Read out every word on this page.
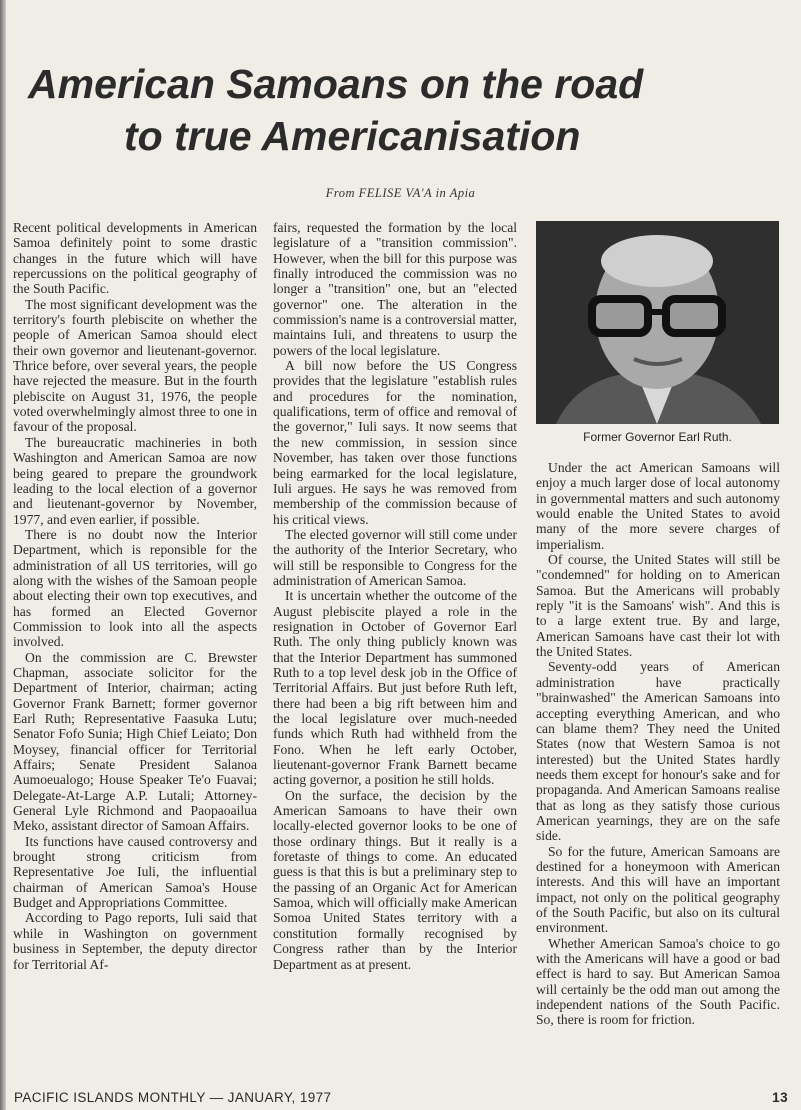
American Samoans on the road
to true Americanisation
From FELISE VA'A in Apia

Recent political developments in American Samoa definitely point to some drastic changes in the future which will have repercussions on the political geography of the South Pacific.

The most significant development was the territory's fourth plebiscite on whether the people of American Samoa should elect their own governor and lieutenant-governor. Thrice before, over several years, the people have rejected the measure. But in the fourth plebiscite on August 31, 1976, the people voted overwhelmingly almost three to one in favour of the proposal.

The bureaucratic machineries in both Washington and American Samoa are now being geared to prepare the groundwork leading to the local election of a governor and lieutenant-governor by November, 1977, and even earlier, if possible.

There is no doubt now the Interior Department, which is reponsible for the administration of all US territories, will go along with the wishes of the Samoan people about electing their own top executives, and has formed an Elected Governor Commission to look into all the aspects involved.

On the commission are C. Brewster Chapman, associate solicitor for the Department of Interior, chairman; acting Governor Frank Barnett; former governor Earl Ruth; Representative Faasuka Lutu; Senator Fofo Sunia; High Chief Leiato; Don Moysey, financial officer for Territorial Affairs; Senate President Salanoa Aumoeualogo; House Speaker Te'o Fuavai; Delegate-At-Large A.P. Lutali; Attorney-General Lyle Richmond and Paopaoailua Meko, assistant director of Samoan Affairs.

Its functions have caused controversy and brought strong criticism from Representative Joe Iuli, the influential chairman of American Samoa's House Budget and Appropriations Committee.

According to Pago reports, Iuli said that while in Washington on government business in September, the deputy director for Territorial Af-

fairs, requested the formation by the local legislature of a "transition commission". However, when the bill for this purpose was finally introduced the commission was no longer a "transition" one, but an "elected governor" one. The alteration in the commission's name is a controversial matter, maintains Iuli, and threatens to usurp the powers of the local legislature.

A bill now before the US Congress provides that the legislature "establish rules and procedures for the nomination, qualifications, term of office and removal of the governor," Iuli says. It now seems that the new commission, in session since November, has taken over those functions being earmarked for the local legislature, Iuli argues. He says he was removed from membership of the commission because of his critical views.

The elected governor will still come under the authority of the Interior Secretary, who will still be responsible to Congress for the administration of American Samoa.

It is uncertain whether the outcome of the August plebiscite played a role in the resignation in October of Governor Earl Ruth. The only thing publicly known was that the Interior Department has summoned Ruth to a top level desk job in the Office of Territorial Affairs. But just before Ruth left, there had been a big rift between him and the local legislature over much-needed funds which Ruth had withheld from the Fono. When he left early October, lieutenant-governor Frank Barnett became acting governor, a position he still holds.

On the surface, the decision by the American Samoans to have their own locally-elected governor looks to be one of those ordinary things. But it really is a foretaste of things to come. An educated guess is that this is but a preliminary step to the passing of an Organic Act for American Samoa, which will officially make American Somoa United States territory with a constitution formally recognised by Congress rather than by the Interior Department as at present.

Former Governor Earl Ruth.

Under the act American Samoans will enjoy a much larger dose of local autonomy in governmental matters and such autonomy would enable the United States to avoid many of the more severe charges of imperialism.

Of course, the United States will still be "condemned" for holding on to American Samoa. But the Americans will probably reply "it is the Samoans' wish". And this is to a large extent true. By and large, American Samoans have cast their lot with the United States.

Seventy-odd years of American administration have practically "brainwashed" the American Samoans into accepting everything American, and who can blame them? They need the United States (now that Western Samoa is not interested) but the United States hardly needs them except for honour's sake and for propaganda. And American Samoans realise that as long as they satisfy those curious American yearnings, they are on the safe side.

So for the future, American Samoans are destined for a honeymoon with American interests. And this will have an important impact, not only on the political geography of the South Pacific, but also on its cultural environment.

Whether American Samoa's choice to go with the Americans will have a good or bad effect is hard to say. But American Samoa will certainly be the odd man out among the independent nations of the South Pacific. So, there is room for friction.

PACIFIC ISLANDS MONTHLY — JANUARY, 1977	13
